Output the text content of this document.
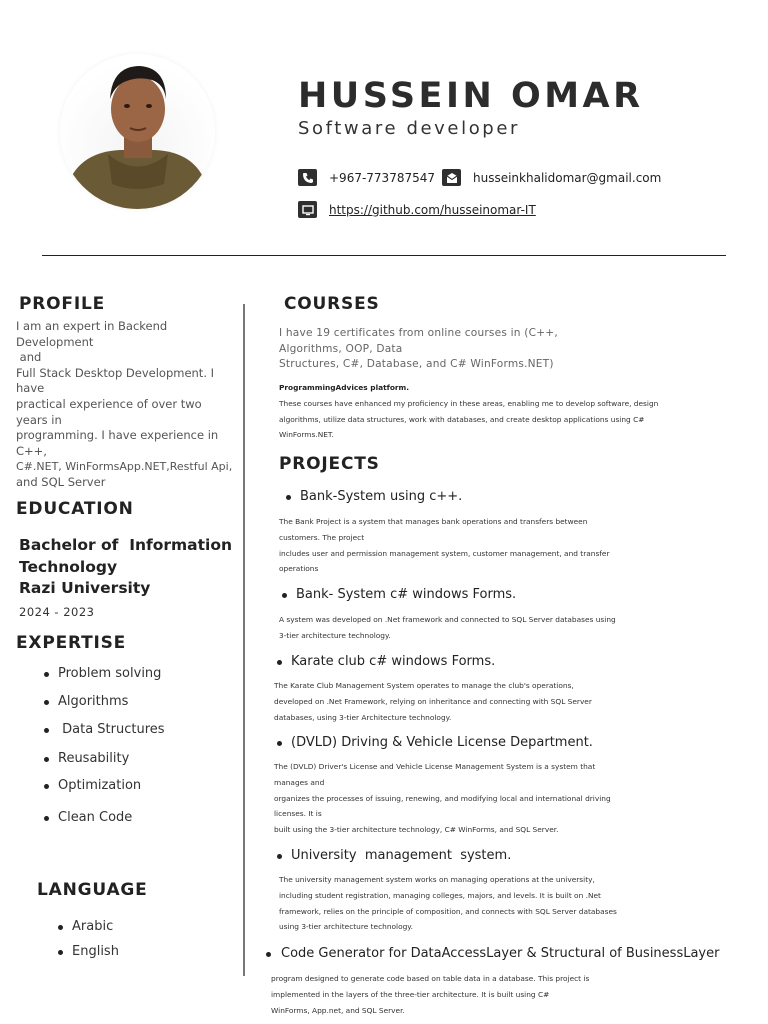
HUSSEIN OMAR
Software developer
+967-773787547	husseinkhalidomar@gmail.com
https://github.com/husseinomar-IT
PROFILE
I am an expert in Backend
Development
and
Full Stack Desktop Development. I
have
practical experience of over two
years in
programming. I have experience in
C++,
C#.NET, WinFormsApp.NET,Restful Api,
and SQL Server
EDUCATION
Bachelor of  Information
Technology
Razi University
2024 - 2023
EXPERTISE
Problem solving
Algorithms
Data Structures
Reusability
Optimization
Clean Code
LANGUAGE
Arabic
English
COURSES
I have 19 certificates from online courses in (C++,
Algorithms, OOP, Data
Structures, C#, Database, and C# WinForms.NET)
ProgrammingAdvices platform.
These courses have enhanced my proficiency in these areas, enabling me to develop software, design
algorithms, utilize data structures, work with databases, and create desktop applications using C#
WinForms.NET.
PROJECTS
Bank-System using c++.
The Bank Project is a system that manages bank operations and transfers between
customers. The project
includes user and permission management system, customer management, and transfer
operations
Bank- System c# windows Forms.
A system was developed on .Net framework and connected to SQL Server databases using
3-tier architecture technology.
Karate club c# windows Forms.
The Karate Club Management System operates to manage the club's operations,
developed on .Net Framework, relying on inheritance and connecting with SQL Server
databases, using 3-tier Architecture technology.
(DVLD) Driving & Vehicle License Department.
The (DVLD) Driver's License and Vehicle License Management System is a system that
manages and
organizes the processes of issuing, renewing, and modifying local and international driving
licenses. It is
built using the 3-tier architecture technology, C# WinForms, and SQL Server.
University  management  system.
The university management system works on managing operations at the university,
including student registration, managing colleges, majors, and levels. It is built on .Net
framework, relies on the principle of composition, and connects with SQL Server databases
using 3-tier architecture technology.
Code Generator for DataAccessLayer & Structural of BusinessLayer
program designed to generate code based on table data in a database. This project is
implemented in the layers of the three-tier architecture. It is built using C#
WinForms, App.net, and SQL Server.
